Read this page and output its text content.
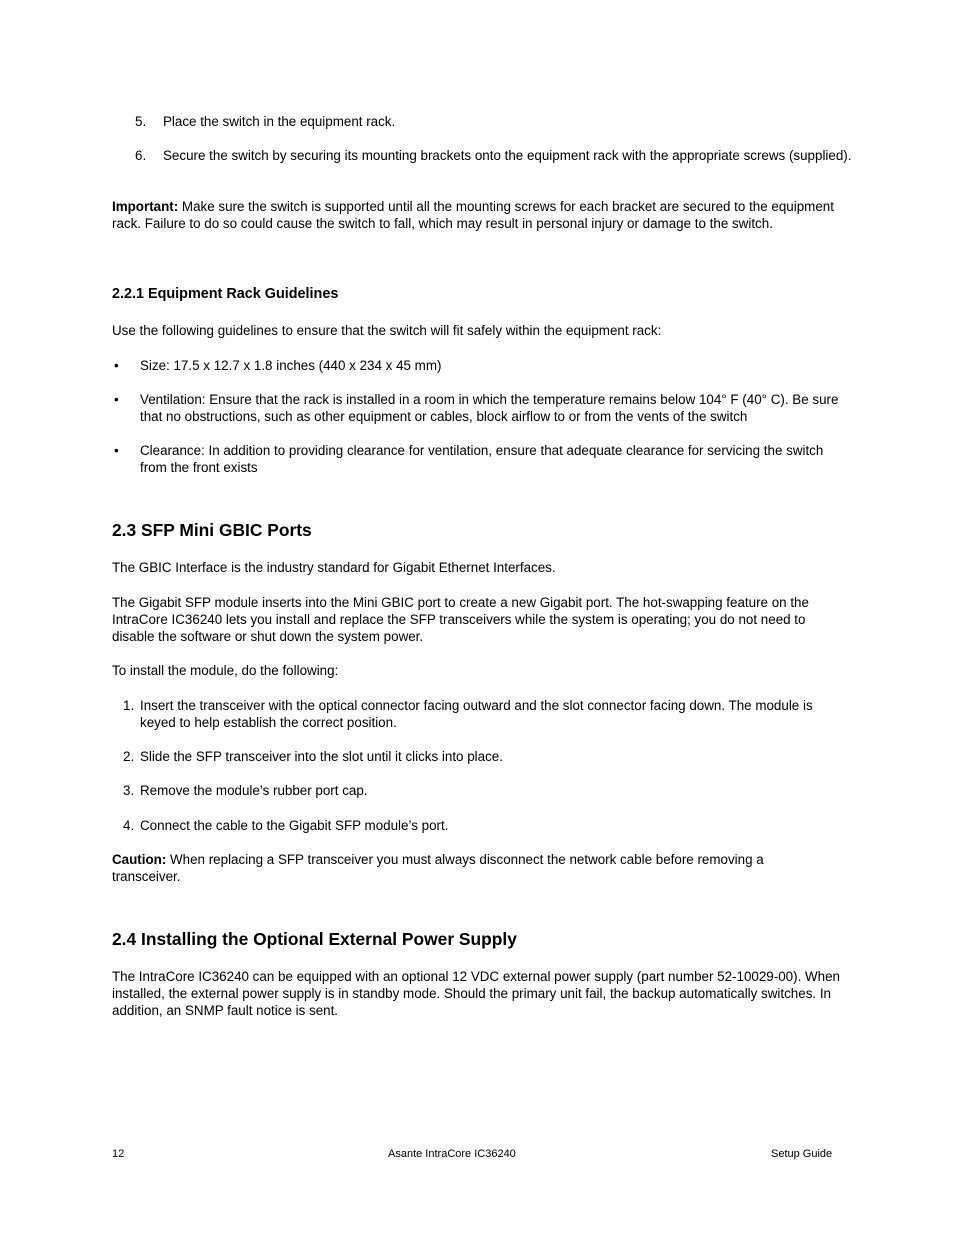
5. Place the switch in the equipment rack.
6. Secure the switch by securing its mounting brackets onto the equipment rack with the appropriate screws (supplied).
Important: Make sure the switch is supported until all the mounting screws for each bracket are secured to the equipment rack. Failure to do so could cause the switch to fall, which may result in personal injury or damage to the switch.
2.2.1 Equipment Rack Guidelines
Use the following guidelines to ensure that the switch will fit safely within the equipment rack:
• Size: 17.5 x 12.7 x 1.8 inches (440 x 234 x 45 mm)
• Ventilation: Ensure that the rack is installed in a room in which the temperature remains below 104° F (40° C). Be sure that no obstructions, such as other equipment or cables, block airflow to or from the vents of the switch
• Clearance: In addition to providing clearance for ventilation, ensure that adequate clearance for servicing the switch from the front exists
2.3 SFP Mini GBIC Ports
The GBIC Interface is the industry standard for Gigabit Ethernet Interfaces.
The Gigabit SFP module inserts into the Mini GBIC port to create a new Gigabit port. The hot-swapping feature on the IntraCore IC36240 lets you install and replace the SFP transceivers while the system is operating; you do not need to disable the software or shut down the system power.
To install the module, do the following:
1. Insert the transceiver with the optical connector facing outward and the slot connector facing down. The module is keyed to help establish the correct position.
2. Slide the SFP transceiver into the slot until it clicks into place.
3. Remove the module’s rubber port cap.
4. Connect the cable to the Gigabit SFP module’s port.
Caution: When replacing a SFP transceiver you must always disconnect the network cable before removing a transceiver.
2.4 Installing the Optional External Power Supply
The IntraCore IC36240 can be equipped with an optional 12 VDC external power supply (part number 52-10029-00). When installed, the external power supply is in standby mode. Should the primary unit fail, the backup automatically switches. In addition, an SNMP fault notice is sent.
12	Asante IntraCore IC36240	Setup Guide
